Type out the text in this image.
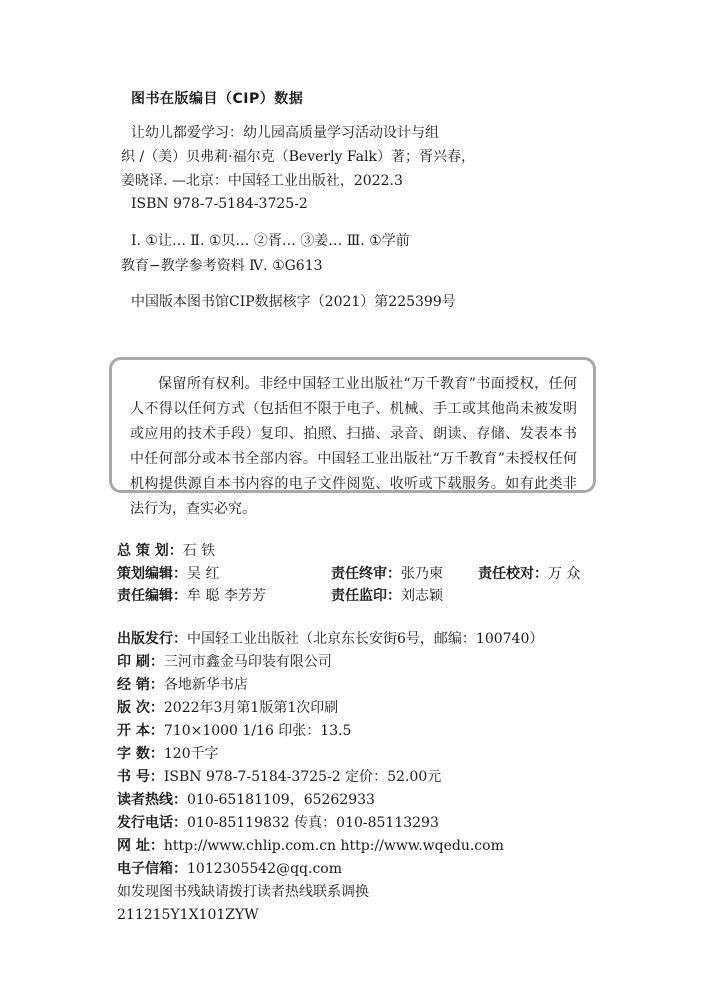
图书在版编目（CIP）数据
让幼儿都爱学习：幼儿园高质量学习活动设计与组
织 /（美）贝弗莉·福尔克（Beverly Falk）著；胥兴春，
姜晓译. —北京：中国轻工业出版社，2022.3
ISBN 978-7-5184-3725-2
Ⅰ. ①让… Ⅱ. ①贝… ②胥… ③姜… Ⅲ. ①学前
教育−教学参考资料 Ⅳ. ①G613
中国版本图书馆CIP数据核字（2021）第225399号

保留所有权利。非经中国轻工业出版社“万千教育”书面授权，任何人不得以任何方式（包括但不限于电子、机械、手工或其他尚未被发明或应用的技术手段）复印、拍照、扫描、录音、朗读、存储、发表本书中任何部分或本书全部内容。中国轻工业出版社“万千教育”未授权任何机构提供源自本书内容的电子文件阅览、收听或下载服务。如有此类非法行为，查实必究。

总 策 划：石 铁
策划编辑：吴 红	责任终审：张乃柬	责任校对：万 众
责任编辑：牟 聪 李芳芳	责任监印：刘志颖
出版发行：中国轻工业出版社（北京东长安街6号，邮编：100740）
印 刷：三河市鑫金马印装有限公司
经 销：各地新华书店
版 次：2022年3月第1版第1次印刷
开 本：710×1000 1/16 印张：13.5
字 数：120千字
书 号：ISBN 978-7-5184-3725-2 定价：52.00元
读者热线：010-65181109，65262933
发行电话：010-85119832 传真：010-85113293
网 址：http://www.chlip.com.cn http://www.wqedu.com
电子信箱：1012305542@qq.com
如发现图书残缺请拨打读者热线联系调换
211215Y1X101ZYW
